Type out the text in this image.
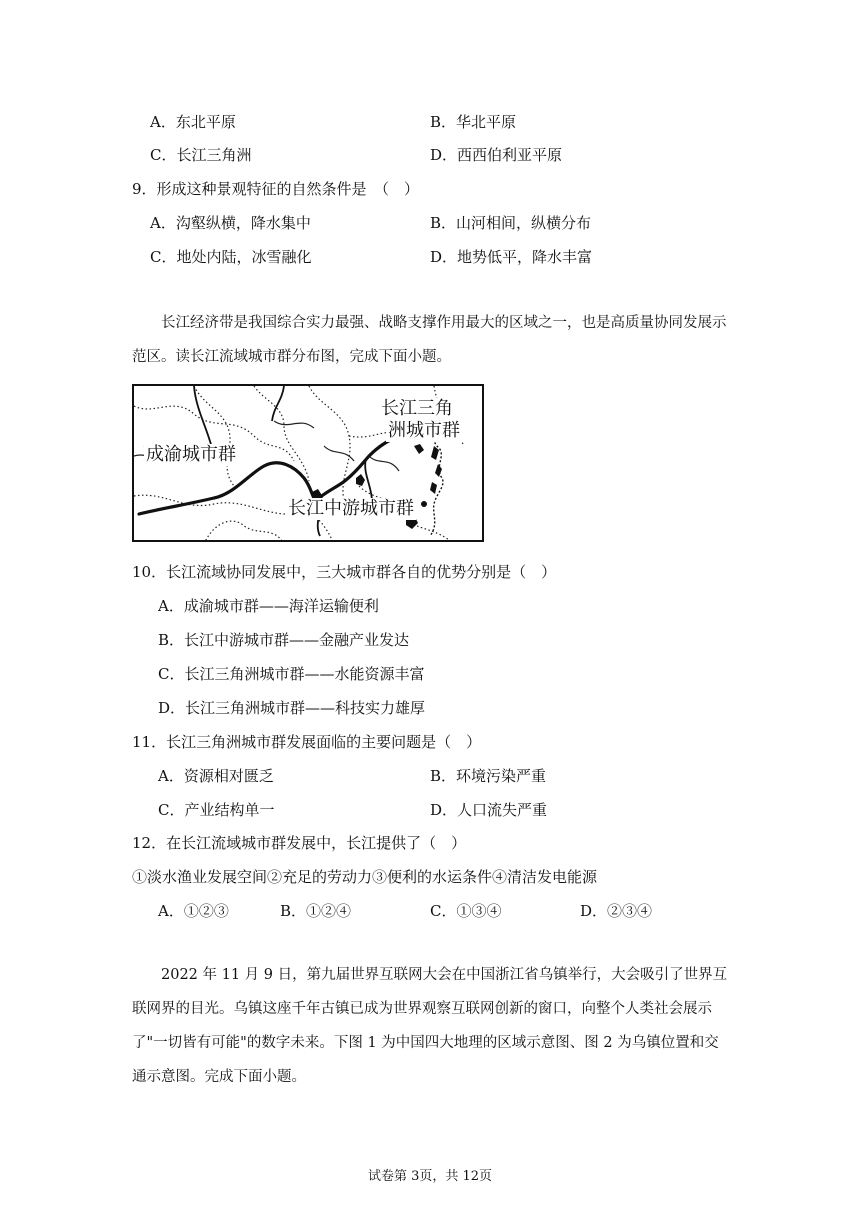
A．东北平原	B．华北平原
C．长江三角洲	D．西西伯利亚平原
9．形成这种景观特征的自然条件是　（　）
A．沟壑纵横，降水集中	B．山河相间，纵横分布
C．地处内陆，冰雪融化	D．地势低平，降水丰富

长江经济带是我国综合实力最强、战略支撑作用最大的区域之一，也是高质量协同发展示范区。读长江流域城市群分布图，完成下面小题。

成渝城市群
长江三角
洲城市群
长江中游城市群
10．长江流域协同发展中，三大城市群各自的优势分别是（　）
A．成渝城市群——海洋运输便利
B．长江中游城市群——金融产业发达
C．长江三角洲城市群——水能资源丰富
D．长江三角洲城市群——科技实力雄厚
11．长江三角洲城市群发展面临的主要问题是（　）
A．资源相对匮乏	B．环境污染严重
C．产业结构单一	D．人口流失严重
12．在长江流域城市群发展中，长江提供了（　）
①淡水渔业发展空间②充足的劳动力③便利的水运条件④清洁发电能源
A．①②③	B．①②④	C．①③④	D．②③④

2022 年 11 月 9 日，第九届世界互联网大会在中国浙江省乌镇举行，大会吸引了世界互联网界的目光。乌镇这座千年古镇已成为世界观察互联网创新的窗口，向整个人类社会展示了"一切皆有可能"的数字未来。下图 1 为中国四大地理的区域示意图、图 2 为乌镇位置和交通示意图。完成下面小题。

试卷第 3页，共 12页
